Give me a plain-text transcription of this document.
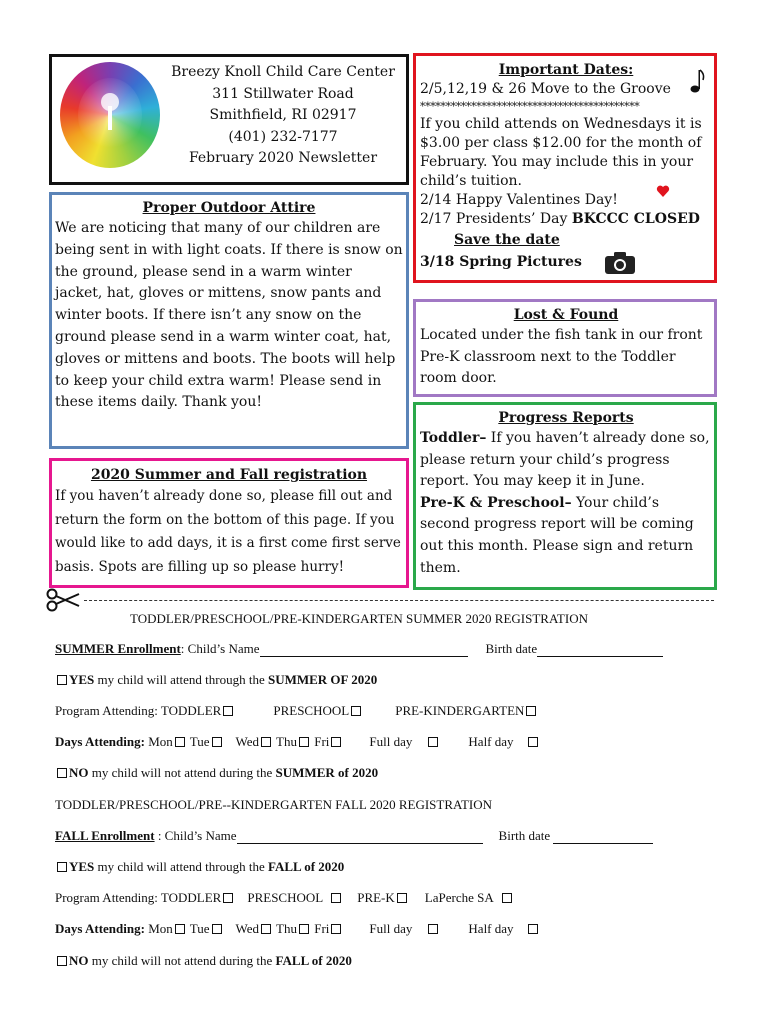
Breezy Knoll Child Care Center
311 Stillwater Road
Smithfield, RI 02917
(401) 232-7177
February 2020 Newsletter
Important Dates:
2/5,12,19 & 26 Move to the Groove
*******************************************
If you child attends on Wednesdays it is $3.00 per class $12.00 for the month of February. You may include this in your child’s tuition.
2/14 Happy Valentines Day!
2/17 Presidents’ Day BKCCC CLOSED
Save the date
3/18 Spring Pictures
Proper Outdoor Attire
We are noticing that many of our children are being sent in with light coats. If there is snow on the ground, please send in a warm winter jacket, hat, gloves or mittens, snow pants and winter boots. If there isn’t any snow on the ground please send in a warm winter coat, hat, gloves or mittens and boots. The boots will help to keep your child extra warm! Please send in these items daily. Thank you!
Lost & Found
Located under the fish tank in our front Pre-K classroom next to the Toddler room door.
Progress Reports
Toddler– If you haven’t already done so, please return your child’s progress report. You may keep it in June.
Pre-K & Preschool– Your child’s second progress report will be coming out this month. Please sign and return them.
2020 Summer and Fall registration
If you haven’t already done so, please fill out and return the form on the bottom of this page. If you would like to add days, it is a first come first serve basis. Spots are filling up so please hurry!
TODDLER/PRESCHOOL/PRE-KINDERGARTEN SUMMER 2020 REGISTRATION
SUMMER Enrollment: Child’s Name	Birth date
YES my child will attend through the SUMMER OF 2020
Program Attending: TODDLER	PRESCHOOL	PRE-KINDERGARTEN
Days Attending: Mon Tue Wed Thu Fri	Full day	Half day
NO my child will not attend during the SUMMER of 2020
TODDLER/PRESCHOOL/PRE--KINDERGARTEN FALL 2020 REGISTRATION
FALL Enrollment : Child’s Name	Birth date
YES my child will attend through the FALL of 2020
Program Attending: TODDLER PRESCHOOL	PRE-K LaPerche SA
Days Attending: Mon Tue Wed Thu Fri	Full day	Half day
NO my child will not attend during the FALL of 2020
